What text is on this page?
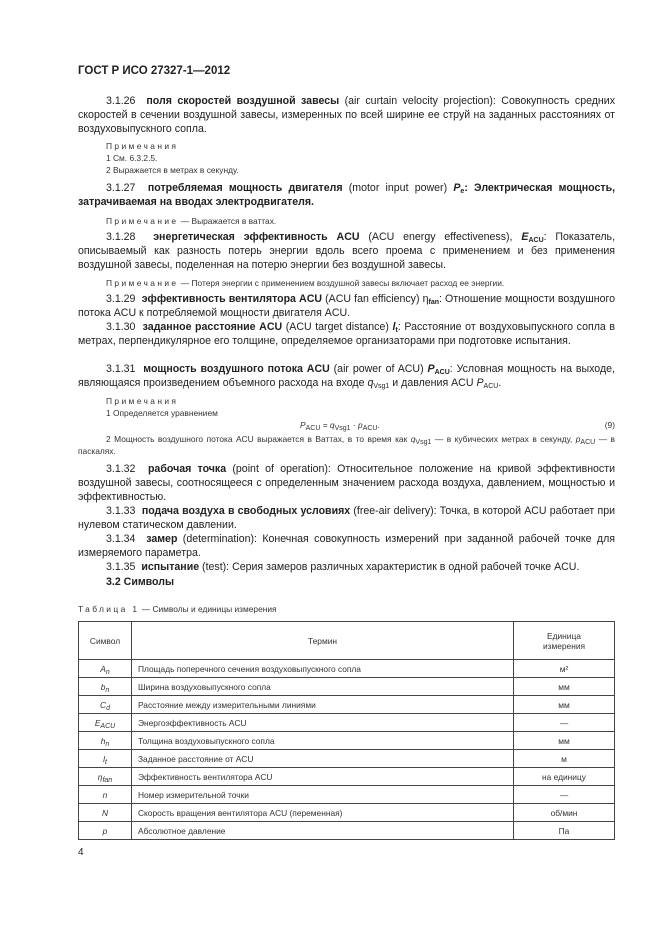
ГОСТ Р ИСО 27327-1—2012
3.1.26 поля скоростей воздушной завесы (air curtain velocity projection): Совокупность средних скоростей в сечении воздушной завесы, измеренных по всей ширине ее струй на заданных расстояниях от воздуховыпускного сопла.
Примечания
1 См. 6.3.2.5.
2 Выражается в метрах в секунду.
3.1.27 потребляемая мощность двигателя (motor input power) $P_e$: Электрическая мощность, затрачиваемая на вводах электродвигателя.
Примечание — Выражается в ваттах.
3.1.28 энергетическая эффективность ACU (ACU energy effectiveness), $E_{ACU}$: Показатель, описываемый как разность потерь энергии вдоль всего проема с применением и без применения воздушной завесы, поделенная на потерю энергии без воздушной завесы.
Примечание — Потеря энергии с применением воздушной завесы включает расход ее энергии.
3.1.29 эффективность вентилятора ACU (ACU fan efficiency) $\eta_{fan}$: Отношение мощности воздушного потока ACU к потребляемой мощности двигателя ACU.
3.1.30 заданное расстояние ACU (ACU target distance) $l_t$: Расстояние от воздуховыпускного сопла в метрах, перпендикулярное его толщине, определяемое организаторами при подготовке испытания.
3.1.31 мощность воздушного потока ACU (air power of ACU) $P_{ACU}$: Условная мощность на выходе, являющаяся произведением объемного расхода на входе $q_{Vsg1}$ и давления ACU $P_{ACU}$.
Примечания
1 Определяется уравнением
$P_{ACU} = q_{Vsg1} \cdot p_{ACU}$.	(9)
2 Мощность воздушного потока ACU выражается в Ваттах, в то время как $q_{Vsg1}$ — в кубических метрах в секунду, $p_{ACU}$ — в паскалях.
3.1.32 рабочая точка (point of operation): Относительное положение на кривой эффективности воздушной завесы, соотносящееся с определенным значением расхода воздуха, давлением, мощностью и эффективностью.
3.1.33 подача воздуха в свободных условиях (free-air delivery): Точка, в которой ACU работает при нулевом статическом давлении.
3.1.34 замер (determination): Конечная совокупность измерений при заданной рабочей точке для измеряемого параметра.
3.1.35 испытание (test): Серия замеров различных характеристик в одной рабочей точке ACU.
3.2 Символы
Таблица 1 — Символы и единицы измерения
Символ	Термин	Единица измерения
$A_n$	Площадь поперечного сечения воздуховыпускного сопла	м²
$b_n$	Ширина воздуховыпускного сопла	мм
$C_d$	Расстояние между измерительными линиями	мм
$E_{ACU}$	Энергоэффективность ACU	—
$h_n$	Толщина воздуховыпускного сопла	мм
$l_t$	Заданное расстояние от ACU	м
$\eta_{fan}$	Эффективность вентилятора ACU	на единицу
n	Номер измерительной точки	—
N	Скорость вращения вентилятора ACU (переменная)	об/мин
p	Абсолютное давление	Па
4
